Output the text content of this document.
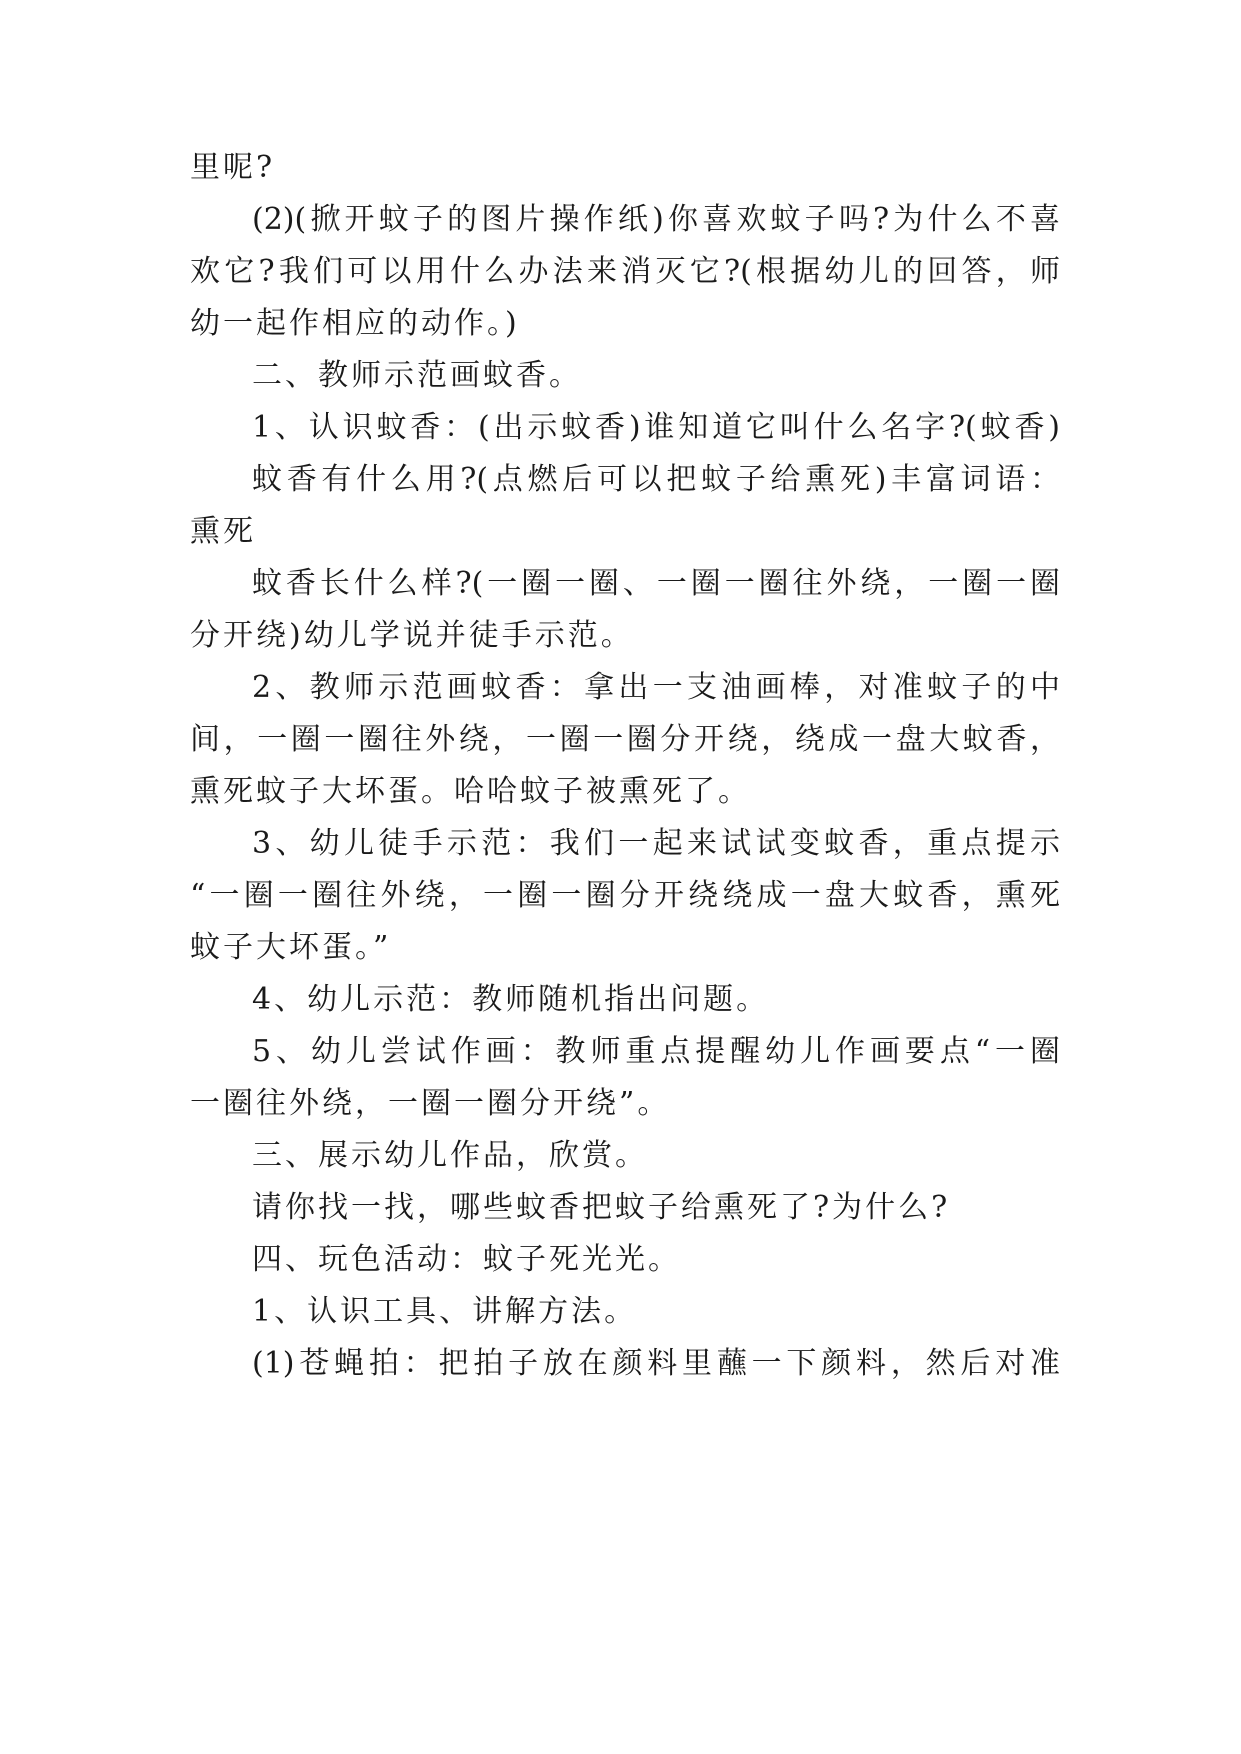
里呢?
(2)(掀开蚊子的图片操作纸)你喜欢蚊子吗?为什么不喜
欢它?我们可以用什么办法来消灭它?(根据幼儿的回答，师
幼一起作相应的动作。)
二、教师示范画蚊香。
1、认识蚊香：(出示蚊香)谁知道它叫什么名字?(蚊香)
蚊香有什么用?(点燃后可以把蚊子给熏死)丰富词语：
熏死
蚊香长什么样?(一圈一圈、一圈一圈往外绕，一圈一圈
分开绕)幼儿学说并徒手示范。
2、教师示范画蚊香：拿出一支油画棒，对准蚊子的中
间，一圈一圈往外绕，一圈一圈分开绕，绕成一盘大蚊香，
熏死蚊子大坏蛋。哈哈蚊子被熏死了。
3、幼儿徒手示范：我们一起来试试变蚊香，重点提示
“一圈一圈往外绕，一圈一圈分开绕绕成一盘大蚊香，熏死
蚊子大坏蛋。”
4、幼儿示范：教师随机指出问题。
5、幼儿尝试作画：教师重点提醒幼儿作画要点“一圈
一圈往外绕，一圈一圈分开绕”。
三、展示幼儿作品，欣赏。
请你找一找，哪些蚊香把蚊子给熏死了?为什么?
四、玩色活动：蚊子死光光。
1、认识工具、讲解方法。
(1)苍蝇拍：把拍子放在颜料里蘸一下颜料，然后对准
